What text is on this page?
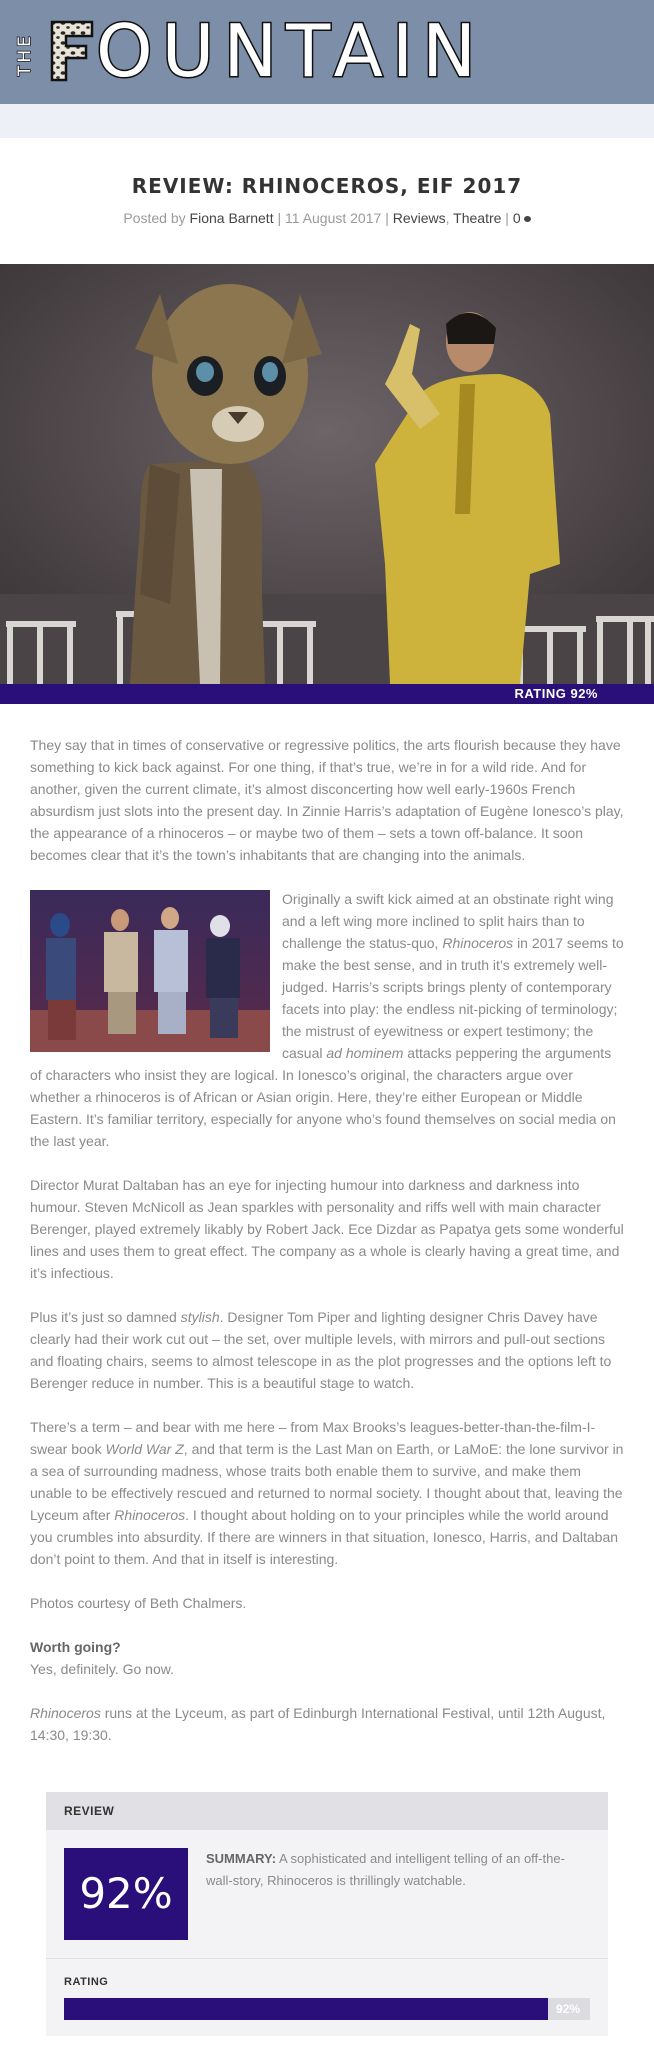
THE OUNTAIN
REVIEW: RHINOCEROS, EIF 2017
Posted by Fiona Barnett | 11 August 2017 | Reviews, Theatre | 0
RATING 92%

They say that in times of conservative or regressive politics, the arts flourish because they have something to kick back against. For one thing, if that’s true, we’re in for a wild ride. And for another, given the current climate, it’s almost disconcerting how well early-1960s French absurdism just slots into the present day. In Zinnie Harris’s adaptation of Eugène Ionesco’s play, the appearance of a rhinoceros – or maybe two of them – sets a town off-balance. It soon becomes clear that it’s the town’s inhabitants that are changing into the animals.

Originally a swift kick aimed at an obstinate right wing and a left wing more inclined to split hairs than to challenge the status-quo, Rhinoceros in 2017 seems to make the best sense, and in truth it’s extremely well-judged. Harris’s scripts brings plenty of contemporary facets into play: the endless nit-picking of terminology; the mistrust of eyewitness or expert testimony; the casual ad hominem attacks peppering the arguments of characters who insist they are logical. In Ionesco’s original, the characters argue over whether a rhinoceros is of African or Asian origin. Here, they’re either European or Middle Eastern. It’s familiar territory, especially for anyone who’s found themselves on social media on the last year.

Director Murat Daltaban has an eye for injecting humour into darkness and darkness into humour. Steven McNicoll as Jean sparkles with personality and riffs well with main character Berenger, played extremely likably by Robert Jack. Ece Dizdar as Papatya gets some wonderful lines and uses them to great effect. The company as a whole is clearly having a great time, and it’s infectious.

Plus it’s just so damned stylish. Designer Tom Piper and lighting designer Chris Davey have clearly had their work cut out – the set, over multiple levels, with mirrors and pull-out sections and floating chairs, seems to almost telescope in as the plot progresses and the options left to Berenger reduce in number. This is a beautiful stage to watch.

There’s a term – and bear with me here – from Max Brooks’s leagues-better-than-the-film-I-swear book World War Z, and that term is the Last Man on Earth, or LaMoE: the lone survivor in a sea of surrounding madness, whose traits both enable them to survive, and make them unable to be effectively rescued and returned to normal society. I thought about that, leaving the Lyceum after Rhinoceros. I thought about holding on to your principles while the world around you crumbles into absurdity. If there are winners in that situation, Ionesco, Harris, and Daltaban don’t point to them. And that in itself is interesting.

Photos courtesy of Beth Chalmers.

Worth going?
Yes, definitely. Go now.

Rhinoceros runs at the Lyceum, as part of Edinburgh International Festival, until 12th August, 14:30, 19:30.

REVIEW
92%
SUMMARY: A sophisticated and intelligent telling of an off-the-wall-story, Rhinoceros is thrillingly watchable.
RATING
92%
